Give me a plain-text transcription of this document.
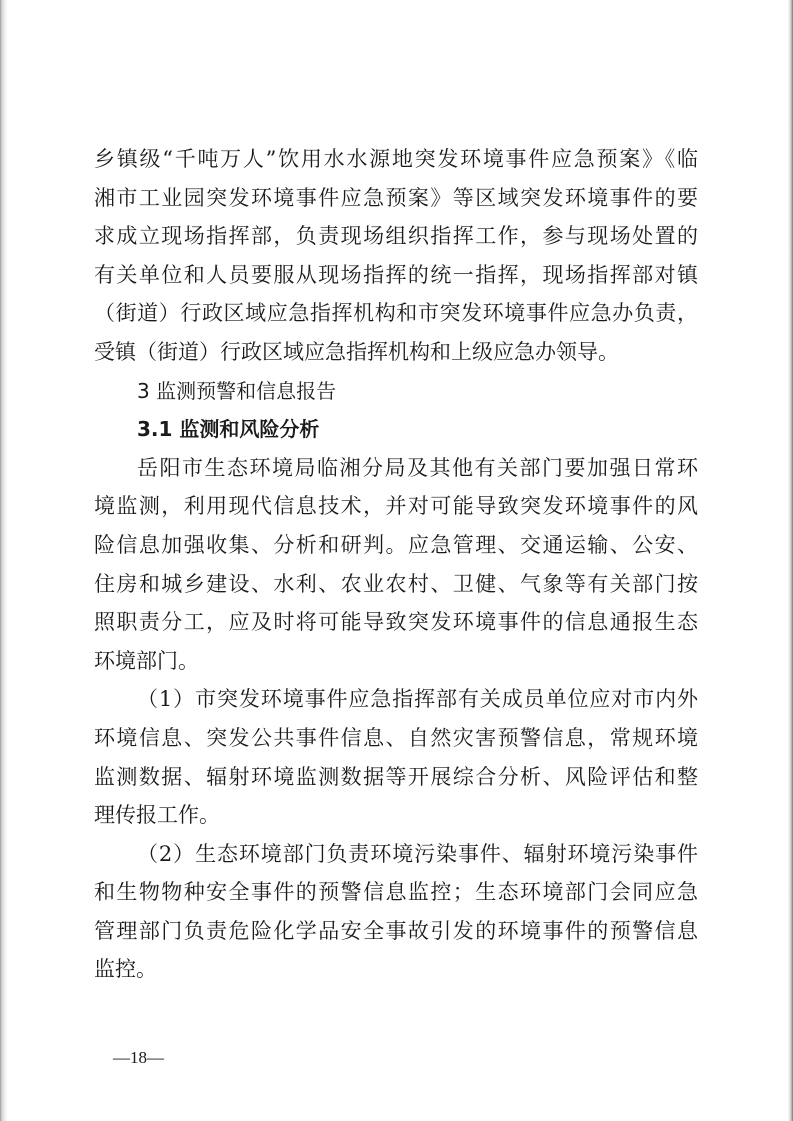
乡镇级“千吨万人”饮用水水源地突发环境事件应急预案》《临
湘市工业园突发环境事件应急预案》等区域突发环境事件的要
求成立现场指挥部，负责现场组织指挥工作，参与现场处置的
有关单位和人员要服从现场指挥的统一指挥，现场指挥部对镇
（街道）行政区域应急指挥机构和市突发环境事件应急办负责，
受镇（街道）行政区域应急指挥机构和上级应急办领导。
3 监测预警和信息报告
3.1 监测和风险分析
岳阳市生态环境局临湘分局及其他有关部门要加强日常环
境监测，利用现代信息技术，并对可能导致突发环境事件的风
险信息加强收集、分析和研判。应急管理、交通运输、公安、
住房和城乡建设、水利、农业农村、卫健、气象等有关部门按
照职责分工，应及时将可能导致突发环境事件的信息通报生态
环境部门。
（1）市突发环境事件应急指挥部有关成员单位应对市内外
环境信息、突发公共事件信息、自然灾害预警信息，常规环境
监测数据、辐射环境监测数据等开展综合分析、风险评估和整
理传报工作。
（2）生态环境部门负责环境污染事件、辐射环境污染事件
和生物物种安全事件的预警信息监控；生态环境部门会同应急
管理部门负责危险化学品安全事故引发的环境事件的预警信息
监控。
—18—
